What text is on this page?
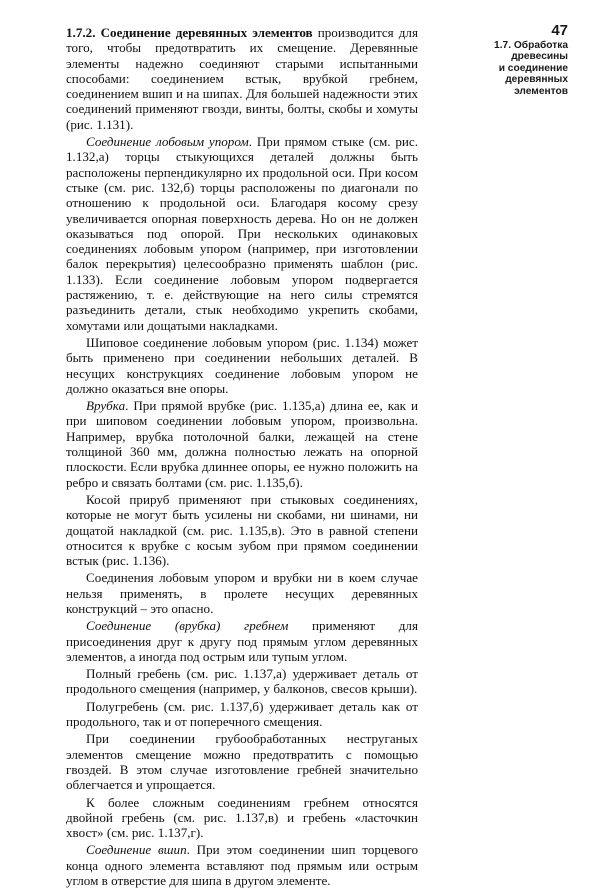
47
1.7. Обработка
древесины
и соединение
деревянных
элементов

1.7.2. Соединение деревянных элементов производится для того, чтобы предотвратить их смещение. Деревянные элементы надежно соединяют старыми испытанными способами: соединением встык, врубкой гребнем, соединением вшип и на шипах. Для большей надежности этих соединений применяют гвозди, винты, болты, скобы и хомуты (рис. 1.131).

Соединение лобовым упором. При прямом стыке (см. рис. 1.132,а) торцы стыкующихся деталей должны быть расположены перпендикулярно их продольной оси. При косом стыке (см. рис. 132,б) торцы расположены по диагонали по отношению к продольной оси. Благодаря косому срезу увеличивается опорная поверхность дерева. Но он не должен оказываться под опорой. При нескольких одинаковых соединениях лобовым упором (например, при изготовлении балок перекрытия) целесообразно применять шаблон (рис. 1.133). Если соединение лобовым упором подвергается растяжению, т. е. действующие на него силы стремятся разъединить детали, стык необходимо укрепить скобами, хомутами или дощатыми накладками.

Шиповое соединение лобовым упором (рис. 1.134) может быть применено при соединении небольших деталей. В несущих конструкциях соединение лобовым упором не должно оказаться вне опоры.

Врубка. При прямой врубке (рис. 1.135,а) длина ее, как и при шиповом соединении лобовым упором, произвольна. Например, врубка потолочной балки, лежащей на стене толщиной 360 мм, должна полностью лежать на опорной плоскости. Если врубка длиннее опоры, ее нужно положить на ребро и связать болтами (см. рис. 1.135,б).

Косой прируб применяют при стыковых соединениях, которые не могут быть усилены ни скобами, ни шинами, ни дощатой накладкой (см. рис. 1.135,в). Это в равной степени относится к врубке с косым зубом при прямом соединении встык (рис. 1.136).

Соединения лобовым упором и врубки ни в коем случае нельзя применять, в пролете несущих деревянных конструкций – это опасно.

Соединение (врубка) гребнем применяют для присоединения друг к другу под прямым углом деревянных элементов, а иногда под острым или тупым углом.

Полный гребень (см. рис. 1.137,а) удерживает деталь от продольного смещения (например, у балконов, свесов крыши).

Полугребень (см. рис. 1.137,б) удерживает деталь как от продольного, так и от поперечного смещения.

При соединении грубообработанных неструганых элементов смещение можно предотвратить с помощью гвоздей. В этом случае изготовление гребней значительно облегчается и упрощается.

К более сложным соединениям гребнем относятся двойной гребень (см. рис. 1.137,в) и гребень «ласточкин хвост» (см. рис. 1.137,г).

Соединение вшип. При этом соединении шип торцевого конца одного элемента вставляют под прямым или острым углом в отверстие для шипа в другом элементе.
